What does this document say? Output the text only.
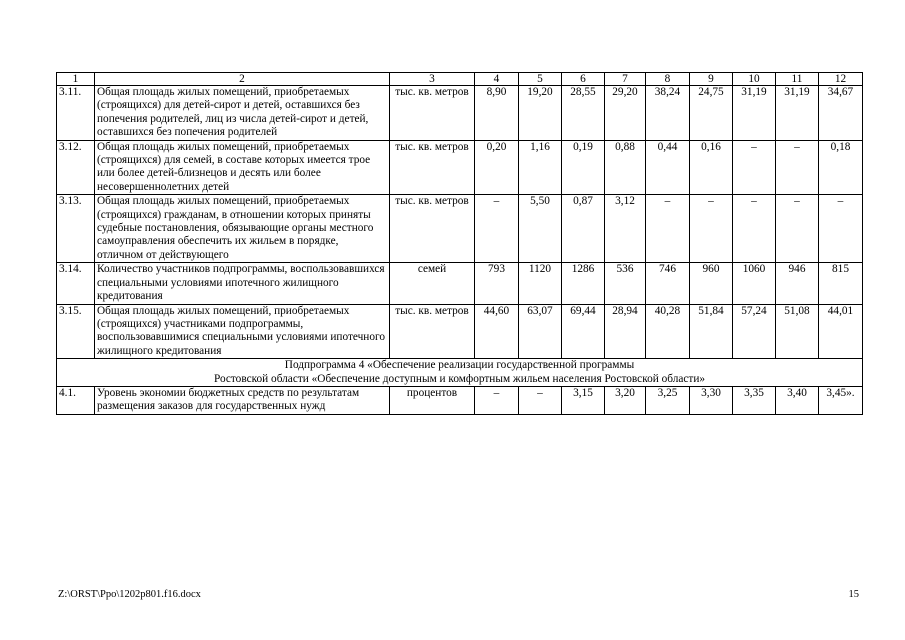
1	2	3	4	5	6	7	8	9	10	11	12
3.11.	Общая площадь жилых помещений, приобретаемых (строящихся) для детей-сирот и детей, оставшихся без попечения родителей, лиц из числа детей-сирот и детей, оставшихся без попечения родителей	тыс. кв. метров	8,90	19,20	28,55	29,20	38,24	24,75	31,19	31,19	34,67
3.12.	Общая площадь жилых помещений, приобретаемых (строящихся) для семей, в составе которых имеется трое или более детей-близнецов и десять или более несовершеннолетних детей	тыс. кв. метров	0,20	1,16	0,19	0,88	0,44	0,16	–	–	0,18
3.13.	Общая площадь жилых помещений, приобретаемых (строящихся) гражданам, в отношении которых приняты судебные постановления, обязывающие органы местного самоуправления обеспечить их жильем в порядке, отличном от действующего	тыс. кв. метров	–	5,50	0,87	3,12	–	–	–	–	–
3.14.	Количество участников подпрограммы, воспользовавшихся специальными условиями ипотечного жилищного кредитования	семей	793	1120	1286	536	746	960	1060	946	815
3.15.	Общая площадь жилых помещений, приобретаемых (строящихся) участниками подпрограммы, воспользовавшимися специальными условиями ипотечного жилищного кредитования	тыс. кв. метров	44,60	63,07	69,44	28,94	40,28	51,84	57,24	51,08	44,01

Подпрограмма 4 «Обеспечение реализации государственной программы
Ростовской области «Обеспечение доступным и комфортным жильем населения Ростовской области»											

4.1.	Уровень экономии бюджетных средств по результатам размещения заказов для государственных нужд	процентов	–	–	3,15	3,20	3,25	3,30	3,35	3,40	3,45».
Z:\ORST\Ppo\1202p801.f16.docx	15
